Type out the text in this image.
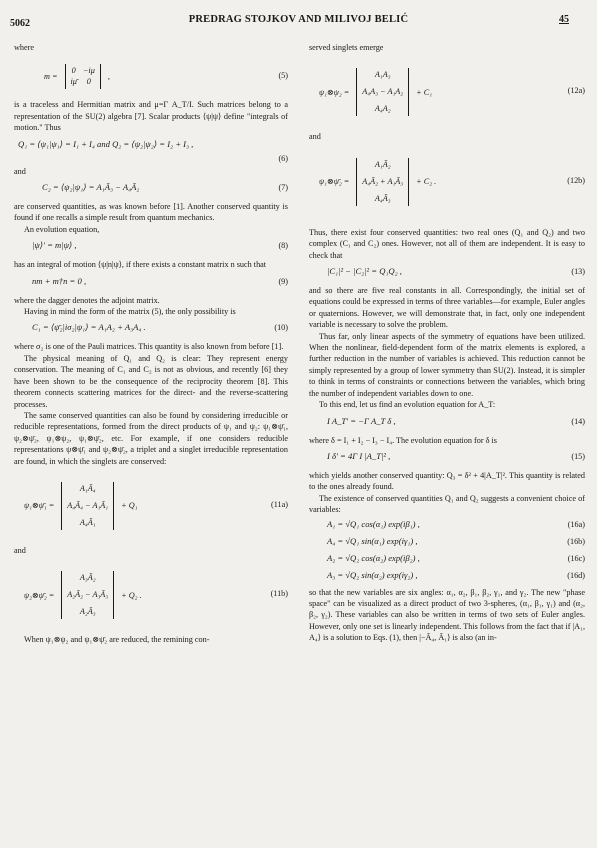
5062	PREDRAG STOJKOV AND MILIVOJ BELIĆ	45

where

m =
0 −iμ
iμ̄	0
,	(5)

is a traceless and Hermitian matrix and μ=Γ A_T/I. Such matrices belong to a representation of the SU(2) algebra [7]. Scalar products ⟨ψ|ψ⟩ define "integrals of motion." Thus

Q₁ = ⟨ψ₁|ψ₁⟩ = I₁ + I₄ and Q₂ = ⟨ψ₂|ψ₂⟩ = I₂ + I₃ ,
(6)

and

C₂ = ⟨ψ₂|ψ₁⟩ = A₁Ā₃ − A₄Ā₂	(7)

are conserved quantities, as was known before [1]. Another conserved quantity is found if one recalls a simple result from quantum mechanics.

An evolution equation,

|ψ⟩′ = m|ψ⟩ ,	(8)

has an integral of motion ⟨ψ|n|ψ⟩, if there exists a constant matrix n such that

nm + m†n = 0 ,	(9)

where the dagger denotes the adjoint matrix.

Having in mind the form of the matrix (5), the only possibility is

C₁ = ⟨ψ̄₂|iσ₂|ψ₁⟩ = A₁A₂ + A₃A₄ .	(10)

where σ₂ is one of the Pauli matrices. This quantity is also known from before [1].

The physical meaning of Q₁ and Q₂ is clear: They represent energy conservation. The meaning of C₁ and C₂ is not as obvious, and recently [6] they have been shown to be the consequence of the reciprocity theorem [8]. This theorem connects scattering matrices for the direct- and the reverse-scattering processes.

The same conserved quantities can also be found by considering irreducible or reducible representations, formed from the direct products of ψ₁ and ψ₂: ψ₁⊗ψ̄₁, ψ₂⊗ψ̄₂, ψ₁⊗ψ₂, ψ₁⊗ψ̄₂, etc. For example, if one considers reducible representations ψ⊗ψ̄₁ and ψ₂⊗ψ̄₂, a triplet and a singlet irreducible representation are found, in which the singlets are conserved:

ψ₁⊗ψ̄₁ =
A₁Ā₄
A₄Ā₄ − A₁Ā₁
A₄Ā₁
+ Q₁	(11a)

and

ψ₂⊗ψ̄₂ =
A₃Ā₂
A₂Ā₂ − A₃Ā₃
A₂Ā₃
+ Q₂ .	(11b)

When ψ₁⊗ψ₂ and ψ₁⊗ψ̄₂ are reduced, the remining con-

served singlets emerge

ψ₁⊗ψ₂ =
A₁A₃
A₄A₃ − A₁A₂
A₄A₂
+ C₁	(12a)

and

ψ₁⊗ψ̄₂ =
A₁Ā₂
A₄Ā₂ + A₁Ā₃
A₄Ā₃
+ C₂ .	(12b)

Thus, there exist four conserved quantities: two real ones (Q₁ and Q₂) and two complex (C₁ and C₂) ones. However, not all of them are independent. It is easy to check that

|C₁|² − |C₂|² = Q₁Q₂ ,	(13)

and so there are five real constants in all. Correspondingly, the initial set of equations could be expressed in terms of three variables—for example, Euler angles or quaternions. However, we will demonstrate that, in fact, only one independent variable is necessary to solve the problem.

Thus far, only linear aspects of the symmetry of equations have been utilized. When the nonlinear, field-dependent form of the matrix elements is explored, a further reduction in the number of variables is achieved. This reduction cannot be simply represented by a group of lower symmetry than SU(2). Instead, it is simpler to think in terms of constraints or connections between the variables, which bring the number of independent variables down to one.

To this end, let us find an evolution equation for A_T:

I A_T′ = −Γ A_T δ ,	(14)

where δ = I₁ + I₂ − I₃ − I₄. The evolution equation for δ is

I δ′ = 4Γ I |A_T|² ,	(15)

which yields another conserved quantity: Q₃ = δ² + 4|A_T|². This quantity is related to the ones already found.

The existence of conserved quantities Q₁ and Q₂ suggests a convenient choice of variables:

A₁ = √Q₁ cos(α₁) exp(iβ₁) ,	(16a)
A₄ = √Q₁ sin(α₁) exp(iγ₁) ,	(16b)
A₂ = √Q₂ cos(α₂) exp(iβ₂) ,	(16c)
A₃ = √Q₂ sin(α₂) exp(iγ₂) ,	(16d)

so that the new variables are six angles: α₁, α₂, β₁, β₂, γ₁, and γ₂. The new "phase space" can be visualized as a direct product of two 3-spheres, (α₁, β₁, γ₁) and (α₂, β₂, γ₂). These variables can also be written in terms of two sets of Euler angles. However, only one set is linearly independent. This follows from the fact that if |A₁, A₄⟩ is a solution to Eqs. (1), then |−Ā₄, Ā₁⟩ is also (an in-
